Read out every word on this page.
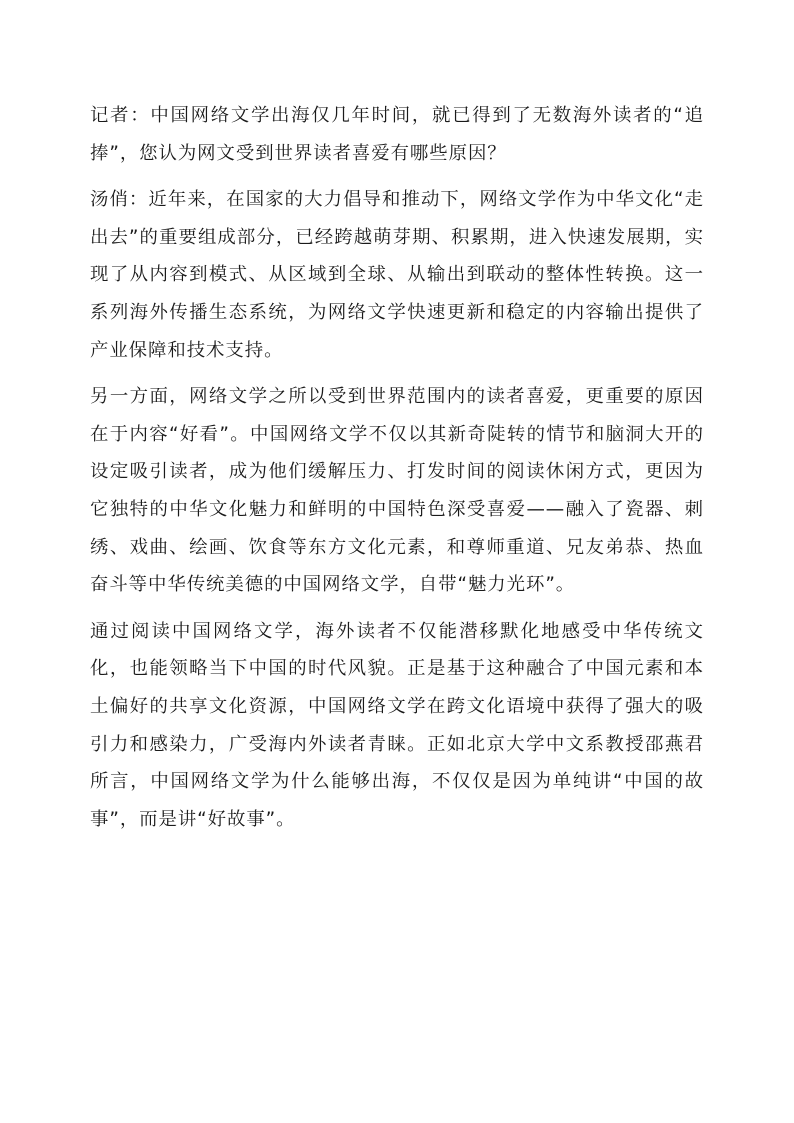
记者：中国网络文学出海仅几年时间，就已得到了无数海外读者的“追捧”，您认为网文受到世界读者喜爱有哪些原因？

汤俏：近年来，在国家的大力倡导和推动下，网络文学作为中华文化“走出去”的重要组成部分，已经跨越萌芽期、积累期，进入快速发展期，实现了从内容到模式、从区域到全球、从输出到联动的整体性转换。这一系列海外传播生态系统，为网络文学快速更新和稳定的内容输出提供了产业保障和技术支持。

另一方面，网络文学之所以受到世界范围内的读者喜爱，更重要的原因在于内容“好看”。中国网络文学不仅以其新奇陡转的情节和脑洞大开的设定吸引读者，成为他们缓解压力、打发时间的阅读休闲方式，更因为它独特的中华文化魅力和鲜明的中国特色深受喜爱——融入了瓷器、刺绣、戏曲、绘画、饮食等东方文化元素，和尊师重道、兄友弟恭、热血奋斗等中华传统美德的中国网络文学，自带“魅力光环”。

通过阅读中国网络文学，海外读者不仅能潜移默化地感受中华传统文化，也能领略当下中国的时代风貌。正是基于这种融合了中国元素和本土偏好的共享文化资源，中国网络文学在跨文化语境中获得了强大的吸引力和感染力，广受海内外读者青睐。正如北京大学中文系教授邵燕君所言，中国网络文学为什么能够出海，不仅仅是因为单纯讲“中国的故事”，而是讲“好故事”。
